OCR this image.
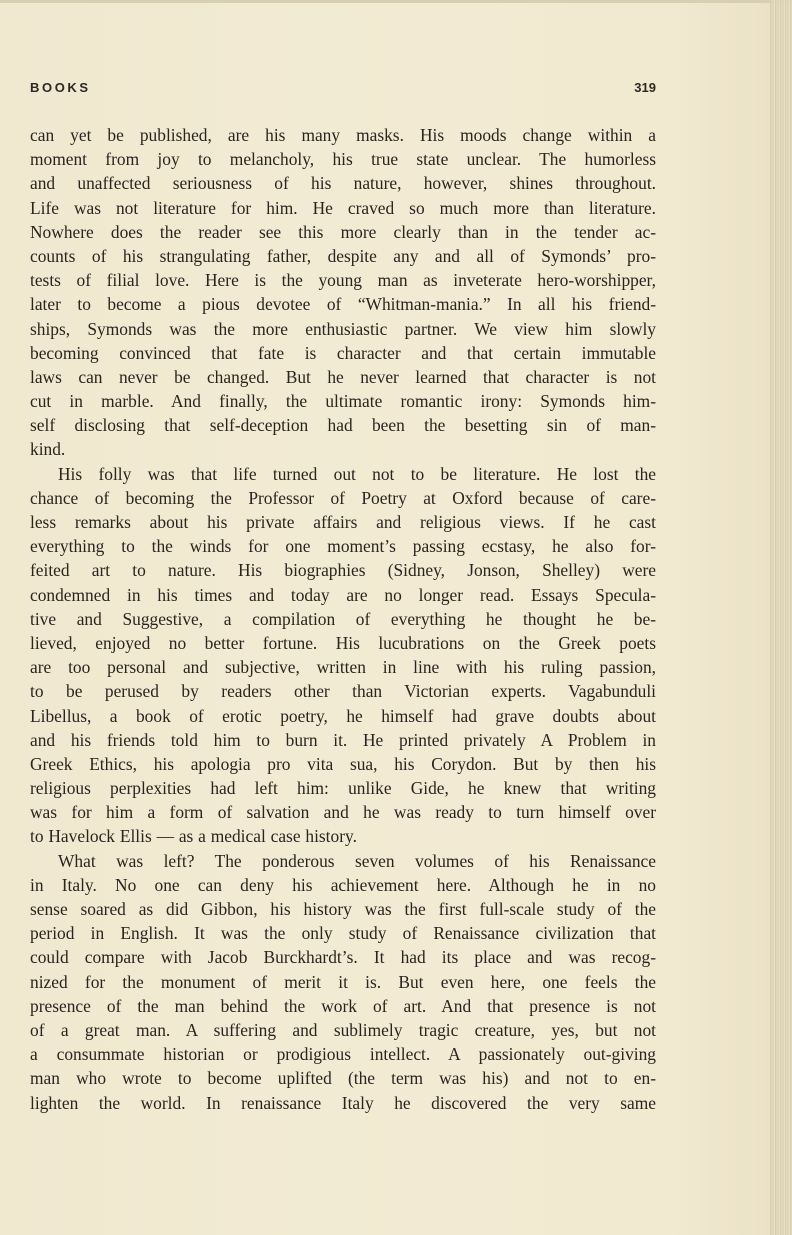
BOOKS	319
can yet be published, are his many masks. His moods change within a
moment from joy to melancholy, his true state unclear. The humorless
and unaffected seriousness of his nature, however, shines throughout.
Life was not literature for him. He craved so much more than literature.
Nowhere does the reader see this more clearly than in the tender ac-
counts of his strangulating father, despite any and all of Symonds’ pro-
tests of filial love. Here is the young man as inveterate hero-worshipper,
later to become a pious devotee of “Whitman-mania.” In all his friend-
ships, Symonds was the more enthusiastic partner. We view him slowly
becoming convinced that fate is character and that certain immutable
laws can never be changed. But he never learned that character is not
cut in marble. And finally, the ultimate romantic irony: Symonds him-
self disclosing that self-deception had been the besetting sin of man-
kind.
His folly was that life turned out not to be literature. He lost the
chance of becoming the Professor of Poetry at Oxford because of care-
less remarks about his private affairs and religious views. If he cast
everything to the winds for one moment’s passing ecstasy, he also for-
feited art to nature. His biographies (Sidney, Jonson, Shelley) were
condemned in his times and today are no longer read. Essays Specula-
tive and Suggestive, a compilation of everything he thought he be-
lieved, enjoyed no better fortune. His lucubrations on the Greek poets
are too personal and subjective, written in line with his ruling passion,
to be perused by readers other than Victorian experts. Vagabunduli
Libellus, a book of erotic poetry, he himself had grave doubts about
and his friends told him to burn it. He printed privately A Problem in
Greek Ethics, his apologia pro vita sua, his Corydon. But by then his
religious perplexities had left him: unlike Gide, he knew that writing
was for him a form of salvation and he was ready to turn himself over
to Havelock Ellis — as a medical case history.
What was left? The ponderous seven volumes of his Renaissance
in Italy. No one can deny his achievement here. Although he in no
sense soared as did Gibbon, his history was the first full-scale study of the
period in English. It was the only study of Renaissance civilization that
could compare with Jacob Burckhardt’s. It had its place and was recog-
nized for the monument of merit it is. But even here, one feels the
presence of the man behind the work of art. And that presence is not
of a great man. A suffering and sublimely tragic creature, yes, but not
a consummate historian or prodigious intellect. A passionately out-giving
man who wrote to become uplifted (the term was his) and not to en-
lighten the world. In renaissance Italy he discovered the very same
